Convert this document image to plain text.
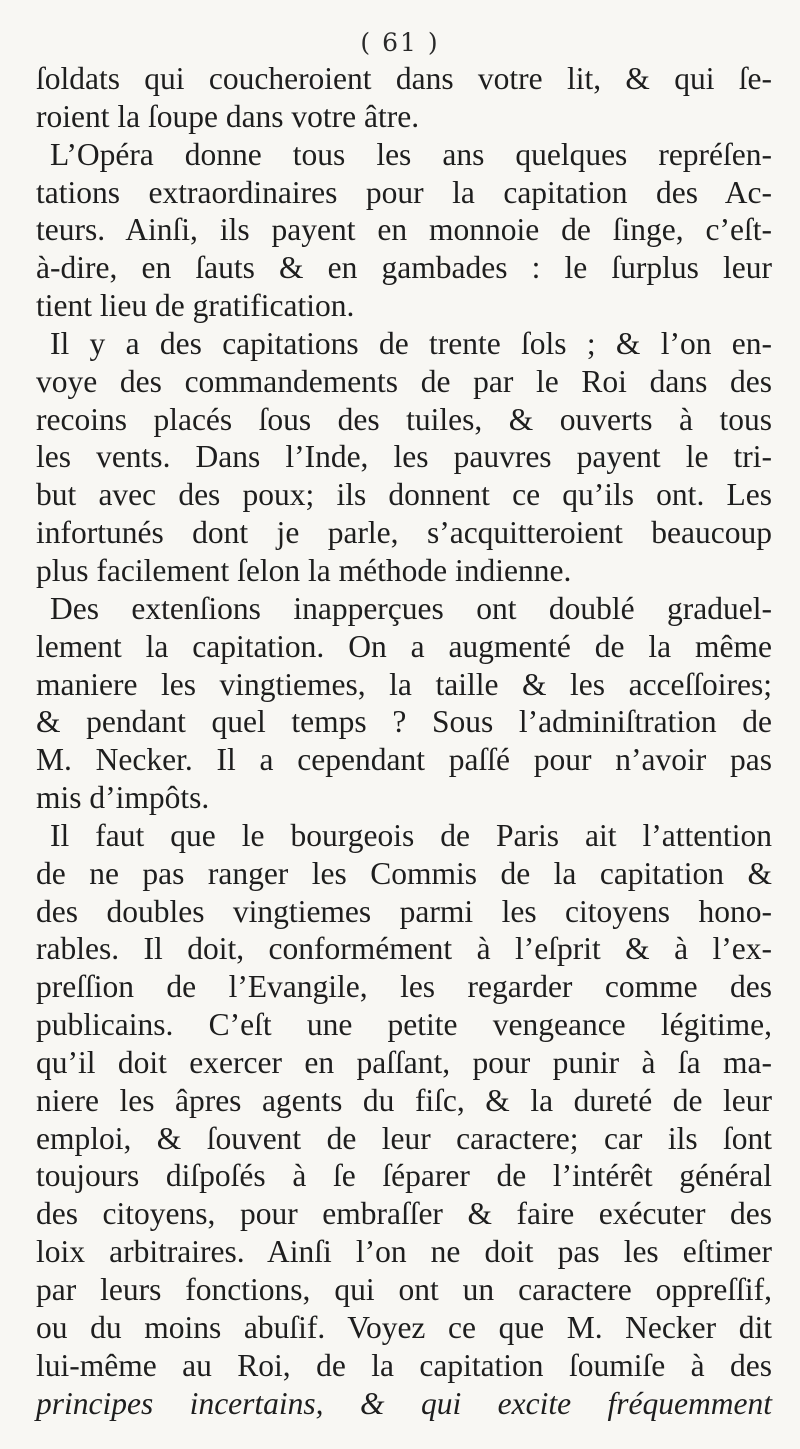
( 61 )
ſoldats qui coucheroient dans votre lit, & qui ſe-
roient la ſoupe dans votre âtre.
L’Opéra donne tous les ans quelques repréſen-
tations extraordinaires pour la capitation des Ac-
teurs. Ainſi, ils payent en monnoie de ſinge, c’eſt-
à-dire, en ſauts & en gambades : le ſurplus leur
tient lieu de gratification.
Il y a des capitations de trente ſols ; & l’on en-
voye des commandements de par le Roi dans des
recoins placés ſous des tuiles, & ouverts à tous
les vents. Dans l’Inde, les pauvres payent le tri-
but avec des poux; ils donnent ce qu’ils ont. Les
infortunés dont je parle, s’acquitteroient beaucoup
plus facilement ſelon la méthode indienne.
Des extenſions inapperçues ont doublé graduel-
lement la capitation. On a augmenté de la même
maniere les vingtiemes, la taille & les acceſſoires;
& pendant quel temps ? Sous l’adminiſtration de
M. Necker. Il a cependant paſſé pour n’avoir pas
mis d’impôts.
Il faut que le bourgeois de Paris ait l’attention
de ne pas ranger les Commis de la capitation &
des doubles vingtiemes parmi les citoyens hono-
rables. Il doit, conformément à l’eſprit & à l’ex-
preſſion de l’Evangile, les regarder comme des
publicains. C’eſt une petite vengeance légitime,
qu’il doit exercer en paſſant, pour punir à ſa ma-
niere les âpres agents du fiſc, & la dureté de leur
emploi, & ſouvent de leur caractere; car ils ſont
toujours diſpoſés à ſe ſéparer de l’intérêt général
des citoyens, pour embraſſer & faire exécuter des
loix arbitraires. Ainſi l’on ne doit pas les eſtimer
par leurs fonctions, qui ont un caractere oppreſſif,
ou du moins abuſif. Voyez ce que M. Necker dit
lui-même au Roi, de la capitation ſoumiſe à des
principes incertains, & qui excite fréquemment
